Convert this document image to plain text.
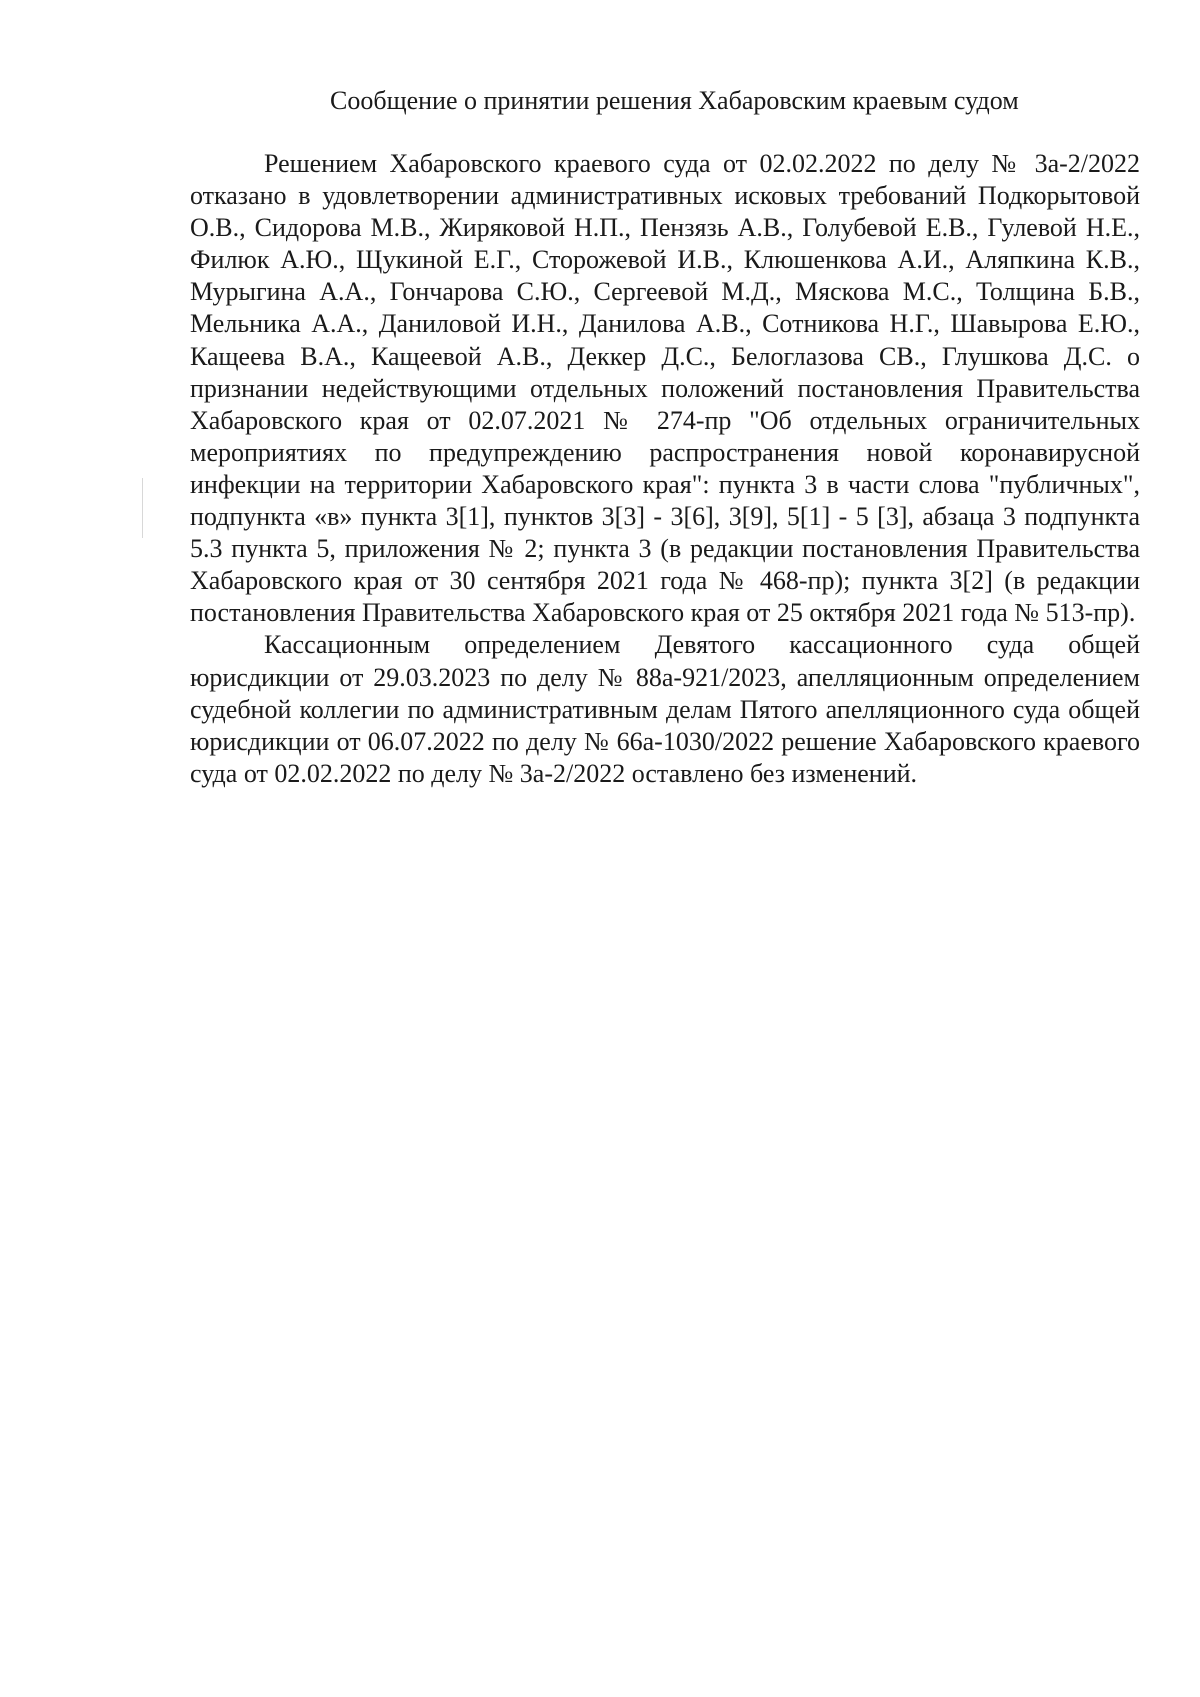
Сообщение о принятии решения Хабаровским краевым судом

Решением Хабаровского краевого суда от 02.02.2022 по делу № 3а-2/2022 отказано в удовлетворении административных исковых требований Подкорытовой О.В., Сидорова М.В., Жиряковой Н.П., Пензязь А.В., Голубевой Е.В., Гулевой Н.Е., Филюк А.Ю., Щукиной Е.Г., Сторожевой И.В., Клюшенкова А.И., Аляпкина К.В., Мурыгина А.А., Гончарова С.Ю., Сергеевой М.Д., Мяскова М.С., Толщина Б.В., Мельника А.А., Даниловой И.Н., Данилова А.В., Сотникова Н.Г., Шавырова Е.Ю., Кащеева В.А., Кащеевой А.В., Деккер Д.С., Белоглазова СВ., Глушкова Д.С. о признании недействующими отдельных положений постановления Правительства Хабаровского края от 02.07.2021 № 274-пр "Об отдельных ограничительных мероприятиях по предупреждению распространения новой коронавирусной инфекции на территории Хабаровского края": пункта 3 в части слова "публичных", подпункта «в» пункта 3[1], пунктов 3[3] - 3[6], 3[9], 5[1] - 5 [3], абзаца 3 подпункта 5.3 пункта 5, приложения № 2; пункта 3 (в редакции постановления Правительства Хабаровского края от 30 сентября 2021 года № 468-пр); пункта 3[2] (в редакции постановления Правительства Хабаровского края от 25 октября 2021 года № 513-пр).

Кассационным определением Девятого кассационного суда общей юрисдикции от 29.03.2023 по делу № 88а-921/2023, апелляционным определением судебной коллегии по административным делам Пятого апелляционного суда общей юрисдикции от 06.07.2022 по делу № 66а-1030/2022 решение Хабаровского краевого суда от 02.02.2022 по делу № 3а-2/2022 оставлено без изменений.
